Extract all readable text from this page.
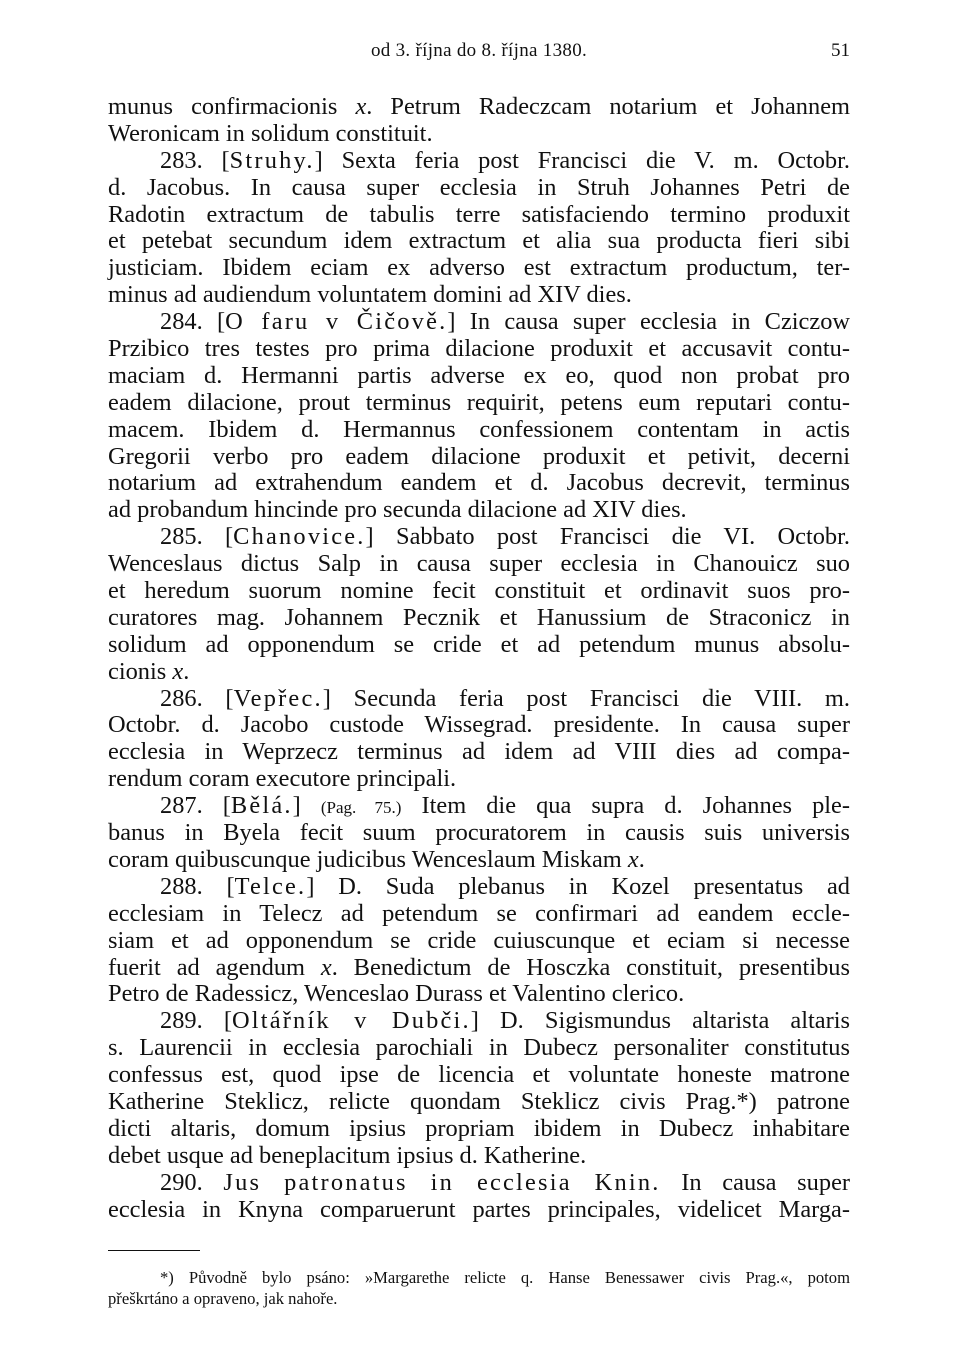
od 3. října do 8. října 1380.	51
munus confirmacionis x. Petrum Radeczcam notarium et Johannem
Weronicam in solidum constituit.
283. [Struhy.] Sexta feria post Francisci die V. m. Octobr.
d. Jacobus. In causa super ecclesia in Struh Johannes Petri de
Radotin extractum de tabulis terre satisfaciendo termino produxit
et petebat secundum idem extractum et alia sua producta fieri sibi
justiciam. Ibidem eciam ex adverso est extractum productum, ter-
minus ad audiendum voluntatem domini ad XIV dies.
284. [O faru v Čičově.] In causa super ecclesia in Cziczow
Przibico tres testes pro prima dilacione produxit et accusavit contu-
maciam d. Hermanni partis adverse ex eo, quod non probat pro
eadem dilacione, prout terminus requirit, petens eum reputari contu-
macem. Ibidem d. Hermannus confessionem contentam in actis
Gregorii verbo pro eadem dilacione produxit et petivit, decerni
notarium ad extrahendum eandem et d. Jacobus decrevit, terminus
ad probandum hincinde pro secunda dilacione ad XIV dies.
285. [Chanovice.] Sabbato post Francisci die VI. Octobr.
Wenceslaus dictus Salp in causa super ecclesia in Chanouicz suo
et heredum suorum nomine fecit constituit et ordinavit suos pro-
curatores mag. Johannem Pecznik et Hanussium de Straconicz in
solidum ad opponendum se cride et ad petendum munus absolu-
cionis x.
286. [Vepřec.] Secunda feria post Francisci die VIII. m.
Octobr. d. Jacobo custode Wissegrad. presidente. In causa super
ecclesia in Weprzecz terminus ad idem ad VIII dies ad compa-
rendum coram executore principali.
287. [Bělá.] (Pag. 75.) Item die qua supra d. Johannes ple-
banus in Byela fecit suum procuratorem in causis suis universis
coram quibuscunque judicibus Wenceslaum Miskam x.
288. [Telce.] D. Suda plebanus in Kozel presentatus ad
ecclesiam in Telecz ad petendum se confirmari ad eandem eccle-
siam et ad opponendum se cride cuiuscunque et eciam si necesse
fuerit ad agendum x. Benedictum de Hosczka constituit, presentibus
Petro de Radessicz, Wenceslao Durass et Valentino clerico.
289. [Oltářník v Dubči.] D. Sigismundus altarista altaris
s. Laurencii in ecclesia parochiali in Dubecz personaliter constitutus
confessus est, quod ipse de licencia et voluntate honeste matrone
Katherine Steklicz, relicte quondam Steklicz civis Prag.*) patrone
dicti altaris, domum ipsius propriam ibidem in Dubecz inhabitare
debet usque ad beneplacitum ipsius d. Katherine.
290. Jus patronatus in ecclesia Knin. In causa super
ecclesia in Knyna comparuerunt partes principales, videlicet Marga-
*) Původně bylo psáno: »Margarethe relicte q. Hanse Benessawer civis Prag.«, potom
přeškrtáno a opraveno, jak nahoře.
